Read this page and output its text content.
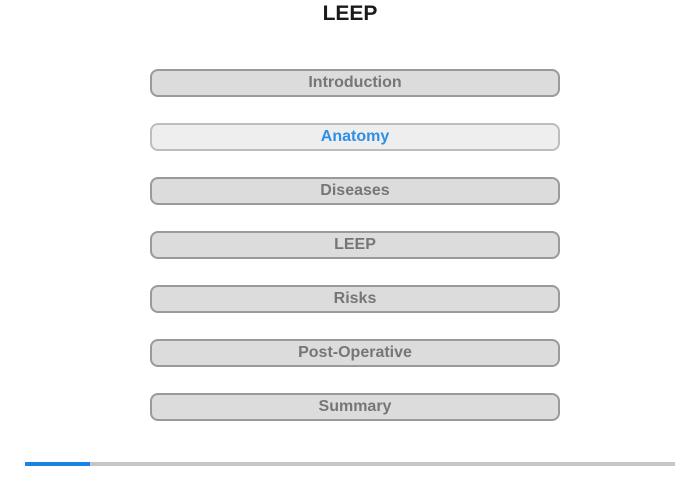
LEEP
Introduction
Anatomy
Diseases
LEEP
Risks
Post-Operative
Summary
